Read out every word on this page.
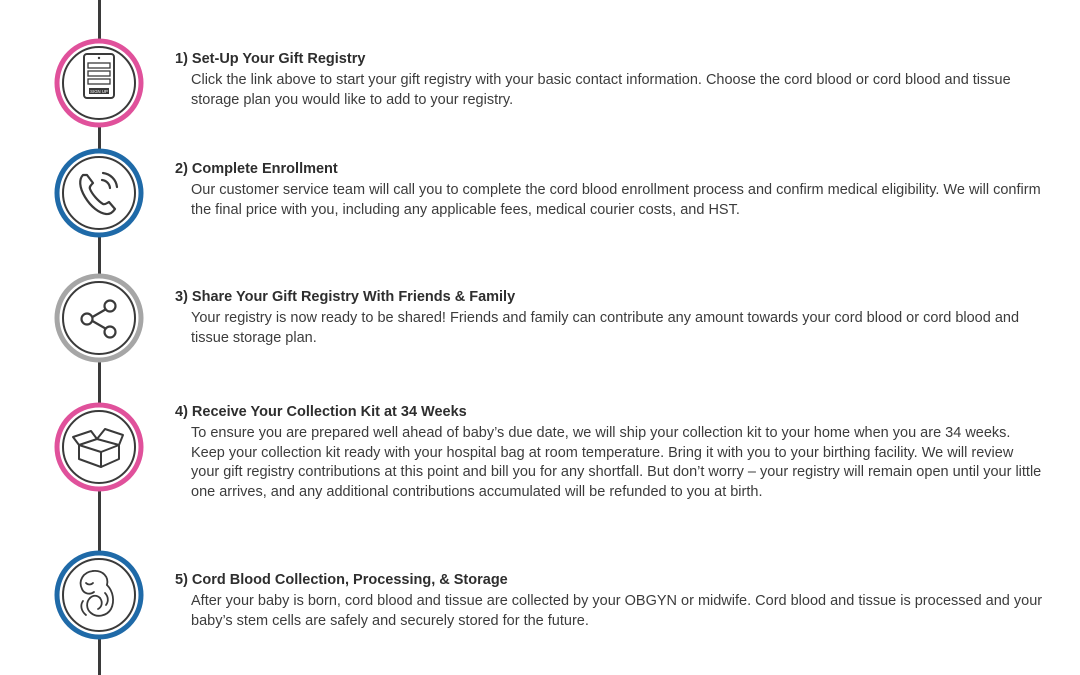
SIGN UP

1) Set-Up Your Gift Registry

Click the link above to start your gift registry with your basic contact information. Choose the cord blood or cord blood and tissue storage plan you would like to add to your registry.

2) Complete Enrollment

Our customer service team will call you to complete the cord blood enrollment process and confirm medical eligibility. We will confirm the final price with you, including any applicable fees, medical courier costs, and HST.

3) Share Your Gift Registry With Friends & Family

Your registry is now ready to be shared! Friends and family can contribute any amount towards your cord blood or cord blood and tissue storage plan.

4) Receive Your Collection Kit at 34 Weeks

To ensure you are prepared well ahead of baby’s due date, we will ship your collection kit to your home when you are 34 weeks. Keep your collection kit ready with your hospital bag at room temperature. Bring it with you to your birthing facility. We will review your gift registry contributions at this point and bill you for any shortfall. But don’t worry – your registry will remain open until your little one arrives, and any additional contributions accumulated will be refunded to you at birth.

5) Cord Blood Collection, Processing, & Storage

After your baby is born, cord blood and tissue are collected by your OBGYN or midwife. Cord blood and tissue is processed and your baby’s stem cells are safely and securely stored for the future.
